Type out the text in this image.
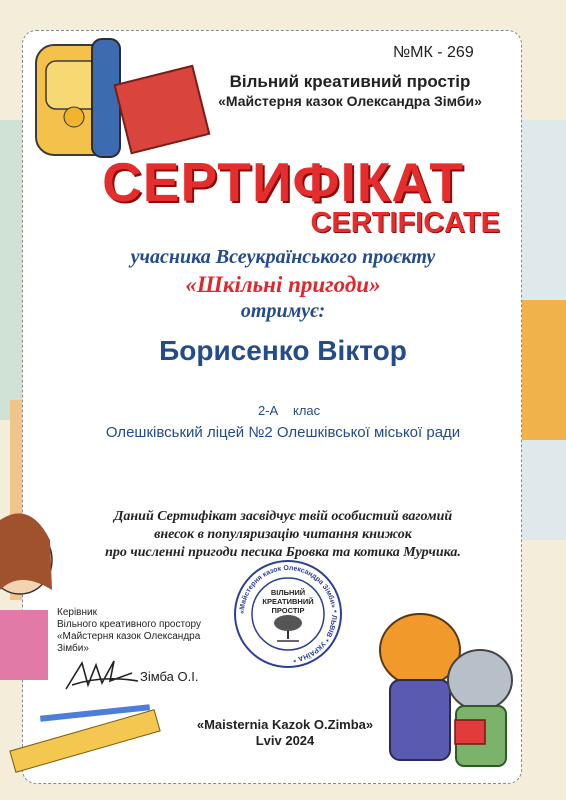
№МК - 269
Вільний креативний простір
«Майстерня казок Олександра Зімби»
СЕРТИФІКАТ
CERTIFICATE
учасника Всеукраїнського проєкту
«Шкільні пригоди»
отримує:
Борисенко Віктор
2-А клас
Олешківський ліцей №2 Олешківської міської ради
Даний Сертифікат засвідчує твій особистий вагомий
внесок в популяризацію читання книжок
про численні пригоди песика Бровка та котика Мурчика.
Керівник
Вільного креативного простору
«Майстерня казок Олександра Зімби»
Зімба О.І.
«Майстерня казок Олександра Зімби» * ЛЬВІВ * УКРАЇНА *
ВІЛЬНИЙ
КРЕАТИВНИЙ
ПРОСТІР
«Maisternia Kazok O.Zimba»
Lviv 2024
